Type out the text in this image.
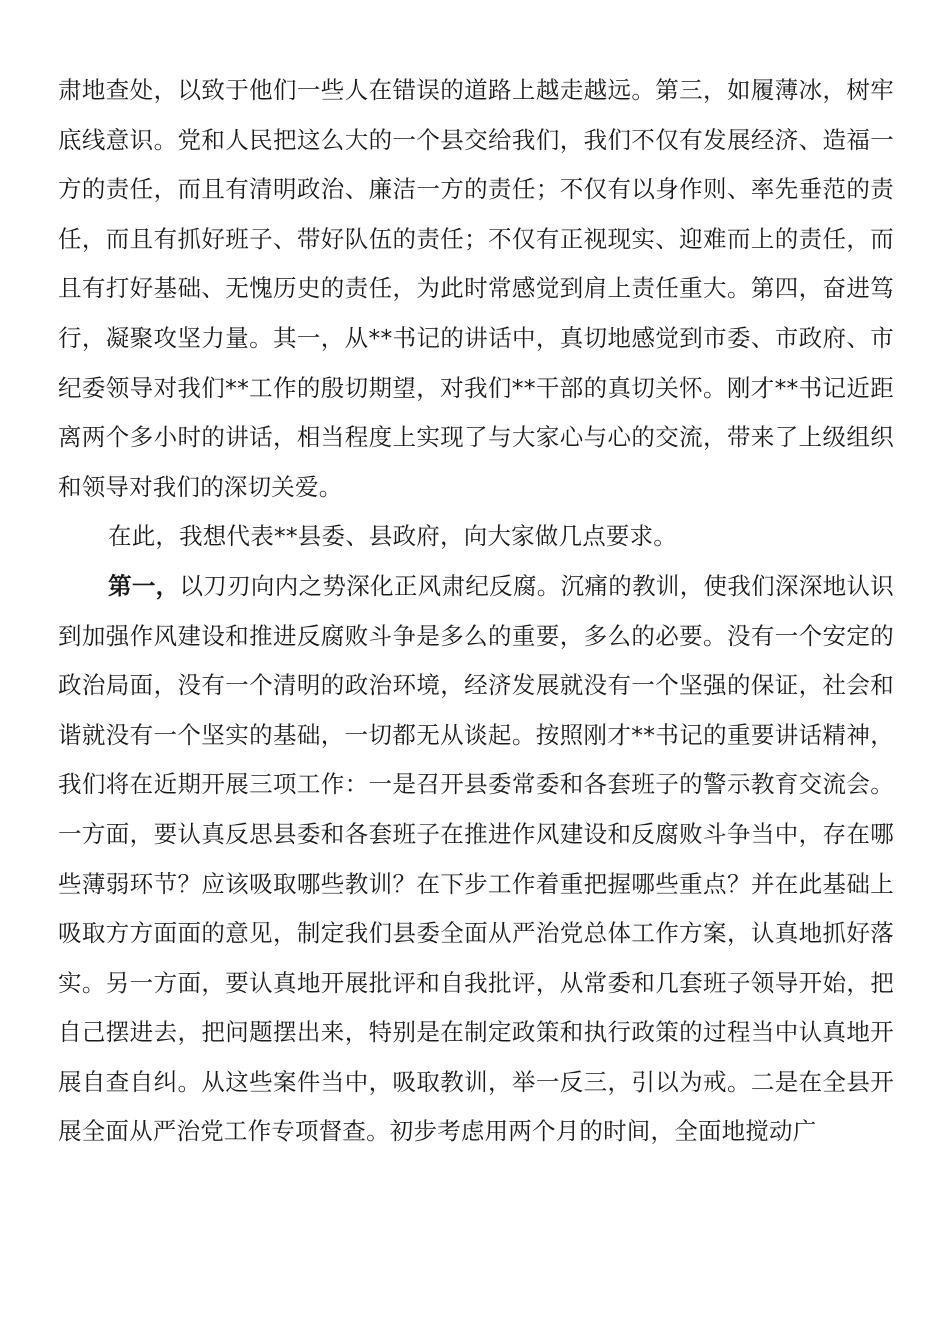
肃地查处，以致于他们一些人在错误的道路上越走越远。第三，如履薄冰，树牢底线意识。党和人民把这么大的一个县交给我们，我们不仅有发展经济、造福一方的责任，而且有清明政治、廉洁一方的责任；不仅有以身作则、率先垂范的责任，而且有抓好班子、带好队伍的责任；不仅有正视现实、迎难而上的责任，而且有打好基础、无愧历史的责任，为此时常感觉到肩上责任重大。第四，奋进笃行，凝聚攻坚力量。其一，从**书记的讲话中，真切地感觉到市委、市政府、市纪委领导对我们**工作的殷切期望，对我们**干部的真切关怀。刚才**书记近距离两个多小时的讲话，相当程度上实现了与大家心与心的交流，带来了上级组织和领导对我们的深切关爱。

在此，我想代表**县委、县政府，向大家做几点要求。

第一，以刀刃向内之势深化正风肃纪反腐。沉痛的教训，使我们深深地认识到加强作风建设和推进反腐败斗争是多么的重要，多么的必要。没有一个安定的政治局面，没有一个清明的政治环境，经济发展就没有一个坚强的保证，社会和谐就没有一个坚实的基础，一切都无从谈起。按照刚才**书记的重要讲话精神，我们将在近期开展三项工作：一是召开县委常委和各套班子的警示教育交流会。一方面，要认真反思县委和各套班子在推进作风建设和反腐败斗争当中，存在哪些薄弱环节？应该吸取哪些教训？在下步工作着重把握哪些重点？并在此基础上吸取方方面面的意见，制定我们县委全面从严治党总体工作方案，认真地抓好落实。另一方面，要认真地开展批评和自我批评，从常委和几套班子领导开始，把自己摆进去，把问题摆出来，特别是在制定政策和执行政策的过程当中认真地开展自查自纠。从这些案件当中，吸取教训，举一反三，引以为戒。二是在全县开展全面从严治党工作专项督查。初步考虑用两个月的时间，全面地搅动广
